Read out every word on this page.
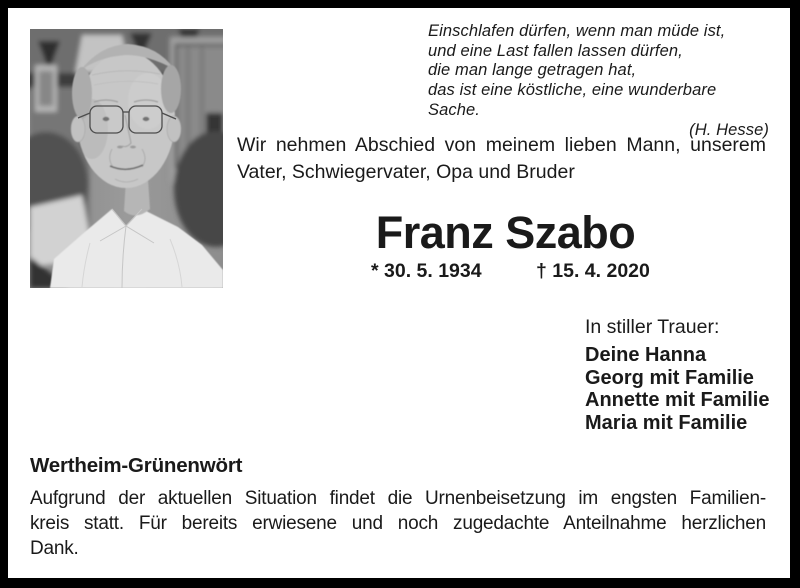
Einschlafen dürfen, wenn man müde ist,
und eine Last fallen lassen dürfen,
die man lange getragen hat,
das ist eine köstliche, eine wunderbare Sache.
(H. Hesse)
Wir nehmen Abschied von meinem lieben Mann, unserem
Vater, Schwiegervater, Opa und Bruder
Franz Szabo
* 30. 5. 1934	† 15. 4. 2020
In stiller Trauer:
Deine Hanna
Georg mit Familie
Annette mit Familie
Maria mit Familie
Wertheim-Grünenwört
Aufgrund der aktuellen Situation findet die Urnenbeisetzung im engsten Familien-
kreis statt. Für bereits erwiesene und noch zugedachte Anteilnahme herzlichen
Dank.
